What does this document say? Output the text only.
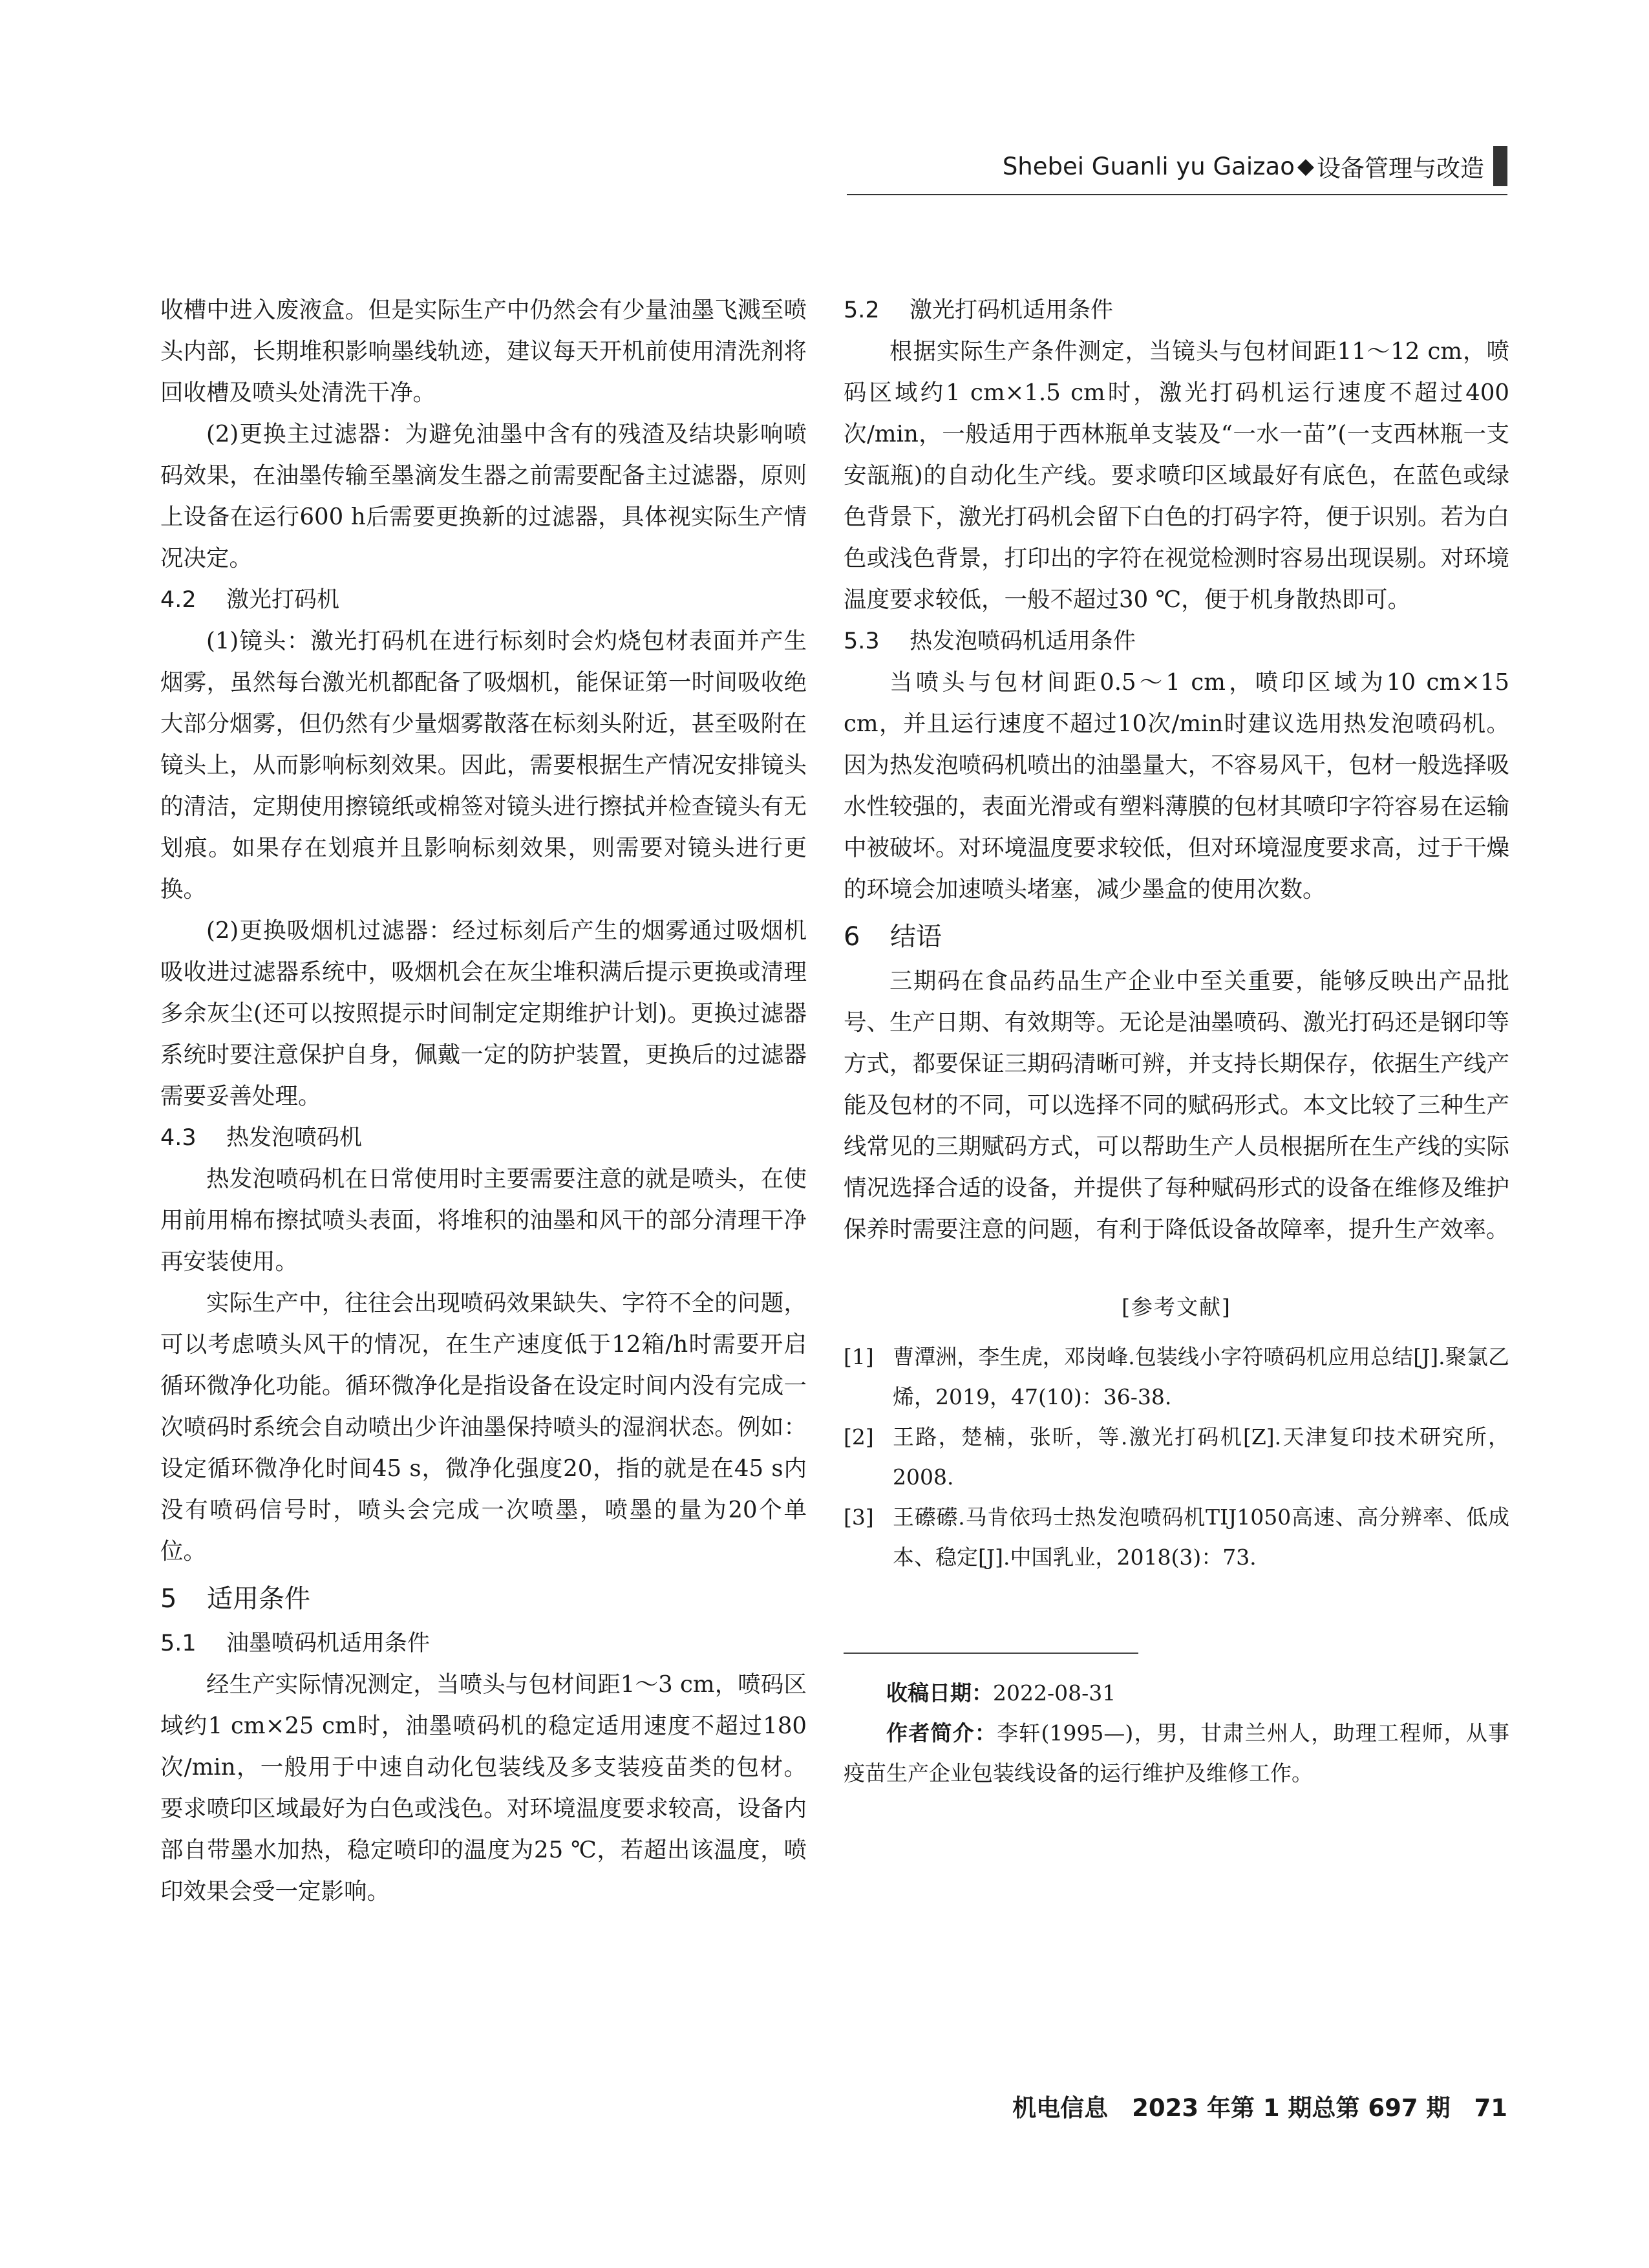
Shebei Guanli yu Gaizao ◆ 设备管理与改造

收槽中进入废液盒。但是实际生产中仍然会有少量油墨飞溅至喷头内部，长期堆积影响墨线轨迹，建议每天开机前使用清洗剂将回收槽及喷头处清洗干净。

(2)更换主过滤器：为避免油墨中含有的残渣及结块影响喷码效果，在油墨传输至墨滴发生器之前需要配备主过滤器，原则上设备在运行600 h后需要更换新的过滤器，具体视实际生产情况决定。

4.2 激光打码机

(1)镜头：激光打码机在进行标刻时会灼烧包材表面并产生烟雾，虽然每台激光机都配备了吸烟机，能保证第一时间吸收绝大部分烟雾，但仍然有少量烟雾散落在标刻头附近，甚至吸附在镜头上，从而影响标刻效果。因此，需要根据生产情况安排镜头的清洁，定期使用擦镜纸或棉签对镜头进行擦拭并检查镜头有无划痕。如果存在划痕并且影响标刻效果，则需要对镜头进行更换。

(2)更换吸烟机过滤器：经过标刻后产生的烟雾通过吸烟机吸收进过滤器系统中，吸烟机会在灰尘堆积满后提示更换或清理多余灰尘(还可以按照提示时间制定定期维护计划)。更换过滤器系统时要注意保护自身，佩戴一定的防护装置，更换后的过滤器需要妥善处理。

4.3 热发泡喷码机

热发泡喷码机在日常使用时主要需要注意的就是喷头，在使用前用棉布擦拭喷头表面，将堆积的油墨和风干的部分清理干净再安装使用。

实际生产中，往往会出现喷码效果缺失、字符不全的问题，可以考虑喷头风干的情况，在生产速度低于12箱/h时需要开启循环微净化功能。循环微净化是指设备在设定时间内没有完成一次喷码时系统会自动喷出少许油墨保持喷头的湿润状态。例如：设定循环微净化时间45 s，微净化强度20，指的就是在45 s内没有喷码信号时，喷头会完成一次喷墨，喷墨的量为20个单位。

5 适用条件
5.1 油墨喷码机适用条件

经生产实际情况测定，当喷头与包材间距1～3 cm，喷码区域约1 cm×25 cm时，油墨喷码机的稳定适用速度不超过180次/min，一般用于中速自动化包装线及多支装疫苗类的包材。要求喷印区域最好为白色或浅色。对环境温度要求较高，设备内部自带墨水加热，稳定喷印的温度为25 ℃，若超出该温度，喷印效果会受一定影响。

5.2 激光打码机适用条件

根据实际生产条件测定，当镜头与包材间距11～12 cm，喷码区域约1 cm×1.5 cm时，激光打码机运行速度不超过400次/min，一般适用于西林瓶单支装及“一水一苗”(一支西林瓶一支安瓿瓶)的自动化生产线。要求喷印区域最好有底色，在蓝色或绿色背景下，激光打码机会留下白色的打码字符，便于识别。若为白色或浅色背景，打印出的字符在视觉检测时容易出现误剔。对环境温度要求较低，一般不超过30 ℃，便于机身散热即可。

5.3 热发泡喷码机适用条件

当喷头与包材间距0.5～1 cm，喷印区域为10 cm×15 cm，并且运行速度不超过10次/min时建议选用热发泡喷码机。因为热发泡喷码机喷出的油墨量大，不容易风干，包材一般选择吸水性较强的，表面光滑或有塑料薄膜的包材其喷印字符容易在运输中被破坏。对环境温度要求较低，但对环境湿度要求高，过于干燥的环境会加速喷头堵塞，减少墨盒的使用次数。

6 结语

三期码在食品药品生产企业中至关重要，能够反映出产品批号、生产日期、有效期等。无论是油墨喷码、激光打码还是钢印等方式，都要保证三期码清晰可辨，并支持长期保存，依据生产线产能及包材的不同，可以选择不同的赋码形式。本文比较了三种生产线常见的三期赋码方式，可以帮助生产人员根据所在生产线的实际情况选择合适的设备，并提供了每种赋码形式的设备在维修及维护保养时需要注意的问题，有利于降低设备故障率，提升生产效率。

[参考文献]
[1] 曹潭洲，李生虎，邓岗峰.包装线小字符喷码机应用总结[J].聚氯乙烯，2019，47(10)：36-38.
[2] 王路，楚楠，张昕，等.激光打码机[Z].天津复印技术研究所，2008.
[3] 王礤礤.马肯依玛士热发泡喷码机TIJ1050高速、高分辨率、低成本、稳定[J].中国乳业，2018(3)：73.

收稿日期：2022-08-31

作者简介：李轩(1995—)，男，甘肃兰州人，助理工程师，从事疫苗生产企业包装线设备的运行维护及维修工作。

机电信息　2023 年第 1 期总第 697 期　71
